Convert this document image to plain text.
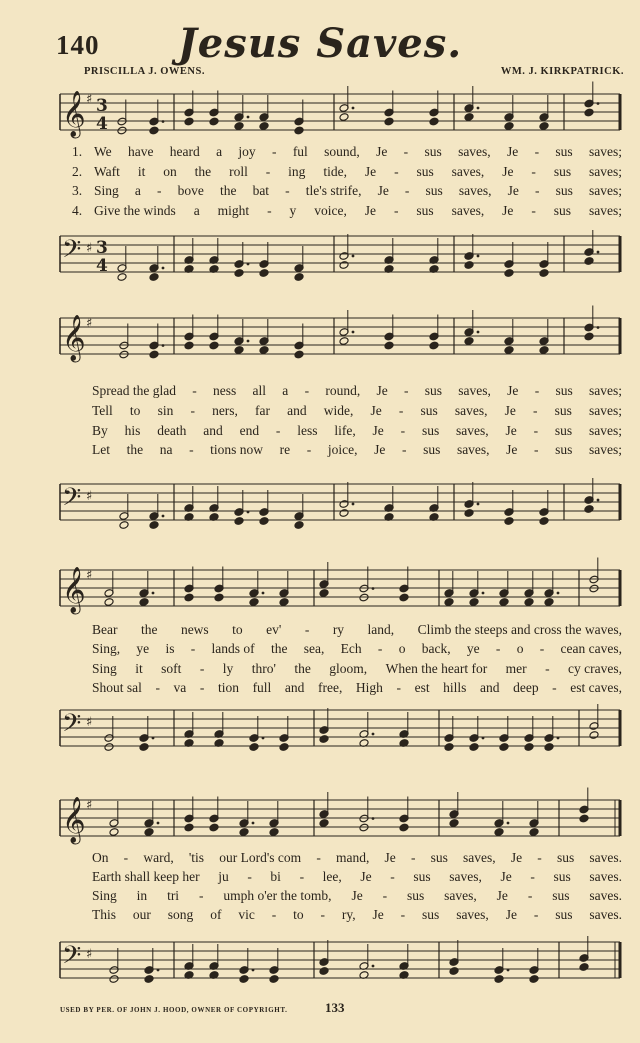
140	Jesus Saves.
PRISCILLA J. OWENS.	WM. J. KIRKPATRICK.
𝄞 ♯ 3
4
1. We have heard a joy - ful sound, Je - sus saves, Je - sus saves;
2. Waft it on the roll - ing tide, Je - sus saves, Je - sus saves;
3. Sing a - bove the bat - tle's strife, Je - sus saves, Je - sus saves;
4. Give the winds a might - y voice, Je - sus saves, Je - sus saves;
𝄢 ♯ 3
4
𝄞 ♯
Spread the glad - ness all a - round, Je - sus saves, Je - sus saves;
Tell to sin - ners, far and wide, Je - sus saves, Je - sus saves;
By his death and end - less life, Je - sus saves, Je - sus saves;
Let the na - tions now re - joice, Je - sus saves, Je - sus saves;
𝄢 ♯
𝄞 ♯
Bear the news to ev' - ry land, Climb the steeps and cross the waves,
Sing, ye is - lands of the sea, Ech - o back, ye - o - cean caves,
Sing it soft - ly thro' the gloom, When the heart for mer - cy craves,
Shout sal - va - tion full and free, High - est hills and deep - est caves,
𝄢 ♯
𝄞 ♯
On - ward, 'tis our Lord's com - mand, Je - sus saves, Je - sus saves.
Earth shall keep her ju - bi - lee, Je - sus saves, Je - sus saves.
Sing in tri - umph o'er the tomb, Je - sus saves, Je - sus saves.
This our song of vic - to - ry, Je - sus saves, Je - sus saves.
𝄢 ♯
USED BY PER. OF JOHN J. HOOD, OWNER OF COPYRIGHT.	133
